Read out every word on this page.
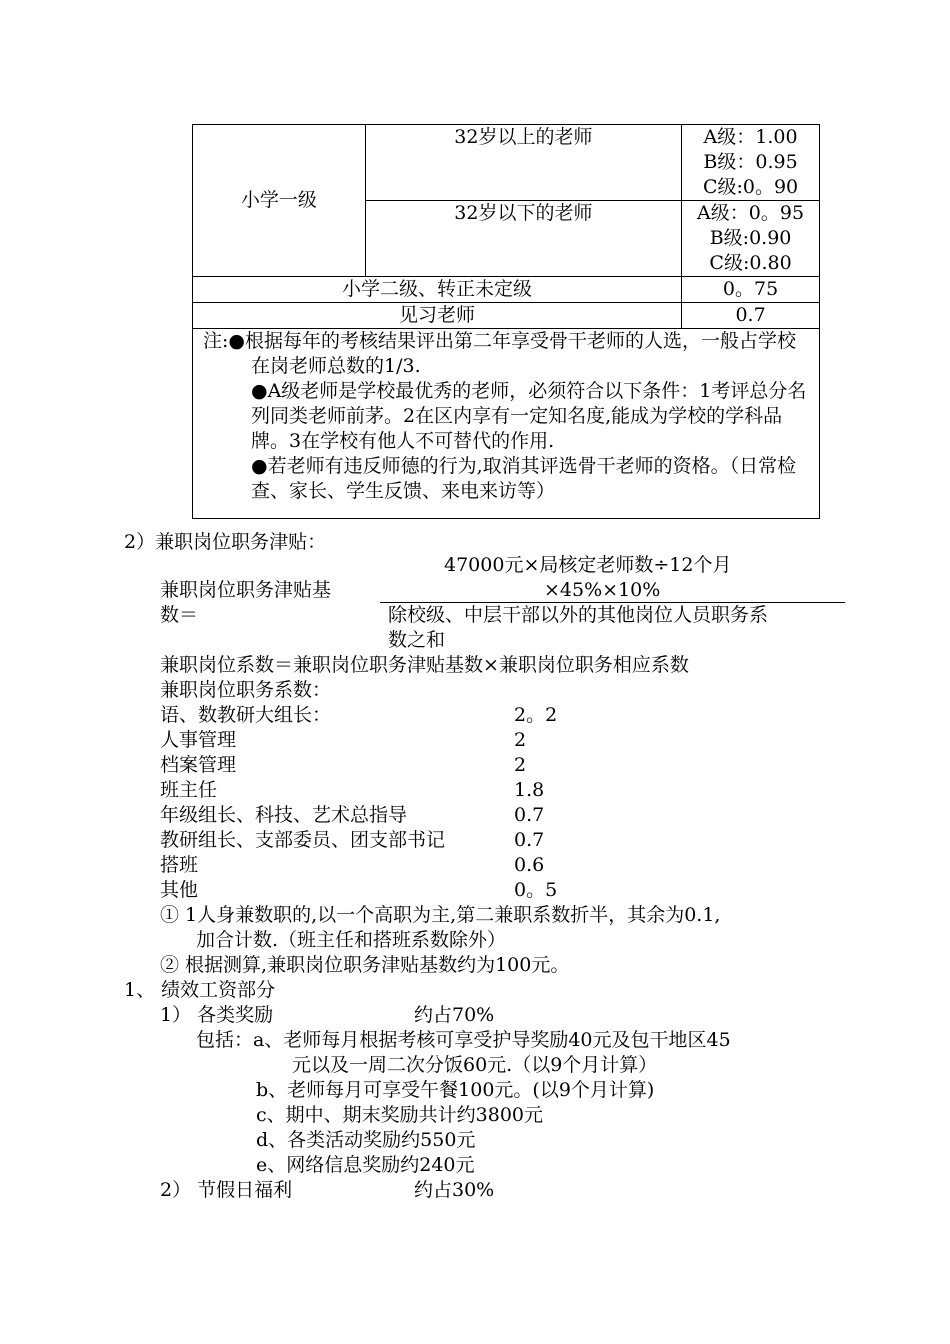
小学一级	32岁以上的老师	A级：1.00
B级：0.95
C级:0。90

	32岁以下的老师	A级：0。95
B级:0.90
C级:0.80

小学二级、转正未定级		0。75
见习老师		0.7

注:●根据每年的考核结果评出第二年享受骨干老师的人选，一般占学校在岗老师总数的1/3.

●A级老师是学校最优秀的老师，必须符合以下条件：1考评总分名列同类老师前茅。2在区内享有一定知名度,能成为学校的学科品牌。3在学校有他人不可替代的作用.

●若老师有违反师德的行为,取消其评选骨干老师的资格。（日常检查、家长、学生反馈、来电来访等）		

2）兼职岗位职务津贴：
47000元×局核定老师数÷12个月
兼职岗位职务津贴基	×45%×10%
数＝	除校级、中层干部以外的其他岗位人员职务系
数之和
兼职岗位系数＝兼职岗位职务津贴基数×兼职岗位职务相应系数
兼职岗位职务系数：
语、数教研大组长：	2。2
人事管理	2
档案管理	2
班主任	1.8
年级组长、科技、艺术总指导	0.7
教研组长、支部委员、团支部书记	0.7
搭班	0.6
其他	0。5
① 1人身兼数职的,以一个高职为主,第二兼职系数折半，其余为0.1,
加合计数.（班主任和搭班系数除外）
② 根据测算,兼职岗位职务津贴基数约为100元。
1、 绩效工资部分
1） 各类奖励	约占70%
包括：a、老师每月根据考核可享受护导奖励40元及包干地区45
元以及一周二次分饭60元.（以9个月计算）
b、老师每月可享受午餐100元。(以9个月计算)
c、期中、期末奖励共计约3800元
d、各类活动奖励约550元
e、网络信息奖励约240元
2） 节假日福利	约占30%
